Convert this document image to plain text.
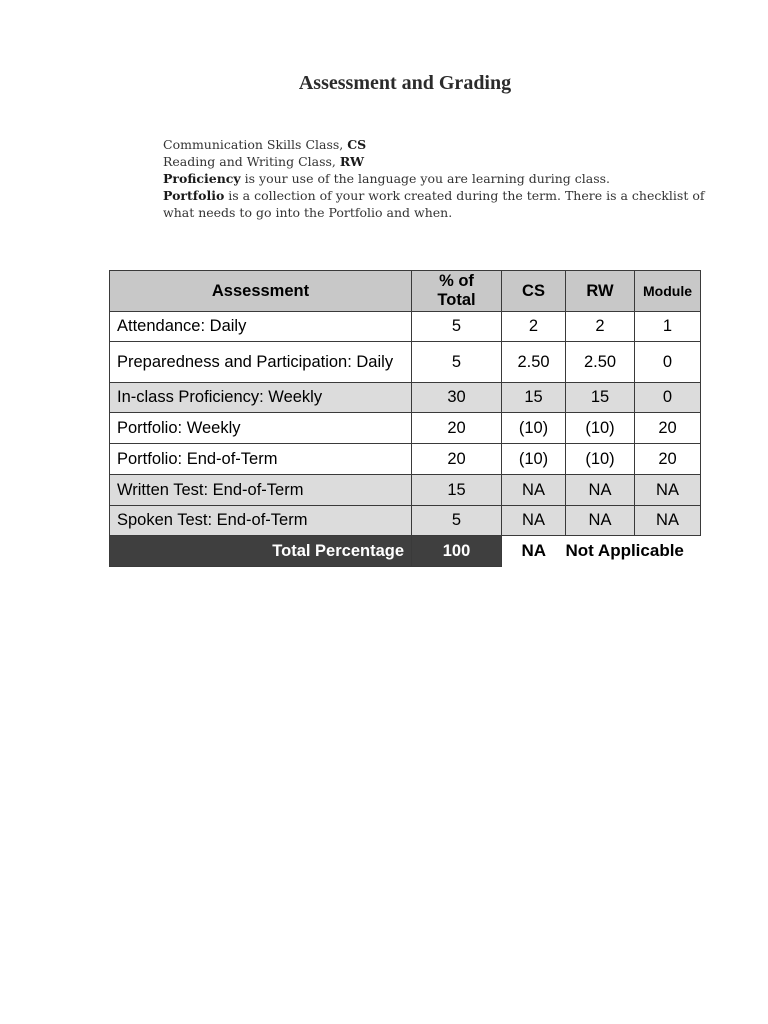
Assessment and Grading
Communication Skills Class, CS
Reading and Writing Class, RW
Proficiency is your use of the language you are learning during class.
Portfolio is a collection of your work created during the term. There is a checklist of
what needs to go into the Portfolio and when.
Assessment	% of Total	CS	RW	Module
Attendance: Daily	5	2	2	1
Preparedness and Participation: Daily	5	2.50	2.50	0
In-class Proficiency: Weekly	30	15	15	0
Portfolio: Weekly	20	(10)	(10)	20
Portfolio: End-of-Term	20	(10)	(10)	20
Written Test: End-of-Term	15	NA	NA	NA
Spoken Test: End-of-Term	5	NA	NA	NA
Total Percentage	100	NA	Not Applicable	
